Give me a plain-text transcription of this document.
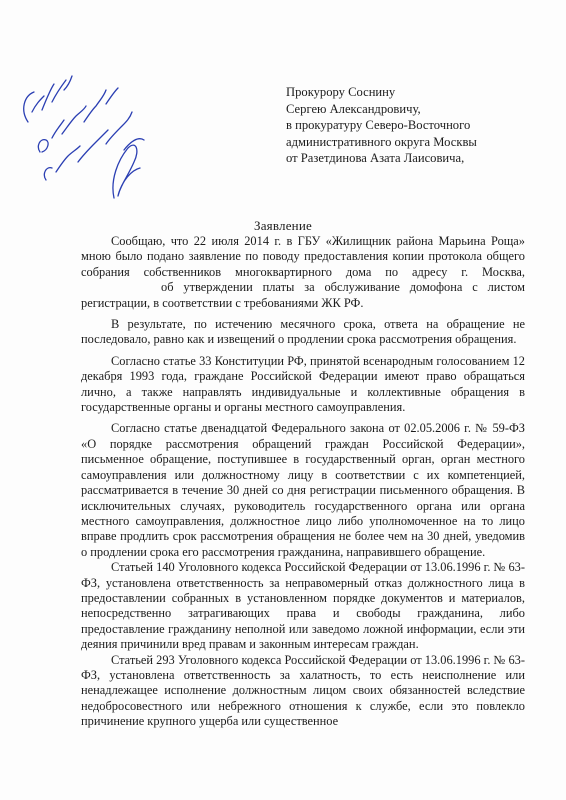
Прокурору Соснину
Сергею Александровичу,
в прокуратуру Северо-Восточного
административного округа Москвы
от Разетдинова Азата Лаисовича,
Заявление

Сообщаю, что 22 июля 2014 г. в ГБУ «Жилищник района Марьина Роща» мною было подано заявление по поводу предоставления копии протокола общего собрания собственников многоквартирного дома по адресу г. Москва,об утверждении платы за обслуживание домофона с листом регистрации, в соответствии с требованиями ЖК РФ.

В результате, по истечению месячного срока, ответа на обращение не последовало, равно как и извещений о продлении срока рассмотрения обращения.

Согласно статье 33 Конституции РФ, принятой всенародным голосованием 12 декабря 1993 года, граждане Российской Федерации имеют право обращаться лично, а также направлять индивидуальные и коллективные обращения в государственные органы и органы местного самоуправления.

Согласно статье двенадцатой Федерального закона от 02.05.2006 г. № 59-ФЗ «О порядке рассмотрения обращений граждан Российской Федерации», письменное обращение, поступившее в государственный орган, орган местного самоуправления или должностному лицу в соответствии с их компетенцией, рассматривается в течение 30 дней со дня регистрации письменного обращения. В исключительных случаях, руководитель государственного органа или органа местного самоуправления, должностное лицо либо уполномоченное на то лицо вправе продлить срок рассмотрения обращения не более чем на 30 дней, уведомив о продлении срока его рассмотрения гражданина, направившего обращение.

Статьей 140 Уголовного кодекса Российской Федерации от 13.06.1996 г. № 63-ФЗ, установлена ответственность за неправомерный отказ должностного лица в предоставлении собранных в установленном порядке документов и материалов, непосредственно затрагивающих права и свободы гражданина, либо предоставление гражданину неполной или заведомо ложной информации, если эти деяния причинили вред правам и законным интересам граждан.

Статьей 293 Уголовного кодекса Российской Федерации от 13.06.1996 г. № 63-ФЗ, установлена ответственность за халатность, то есть неисполнение или ненадлежащее исполнение должностным лицом своих обязанностей вследствие недобросовестного или небрежного отношения к службе, если это повлекло причинение крупного ущерба или существенное
